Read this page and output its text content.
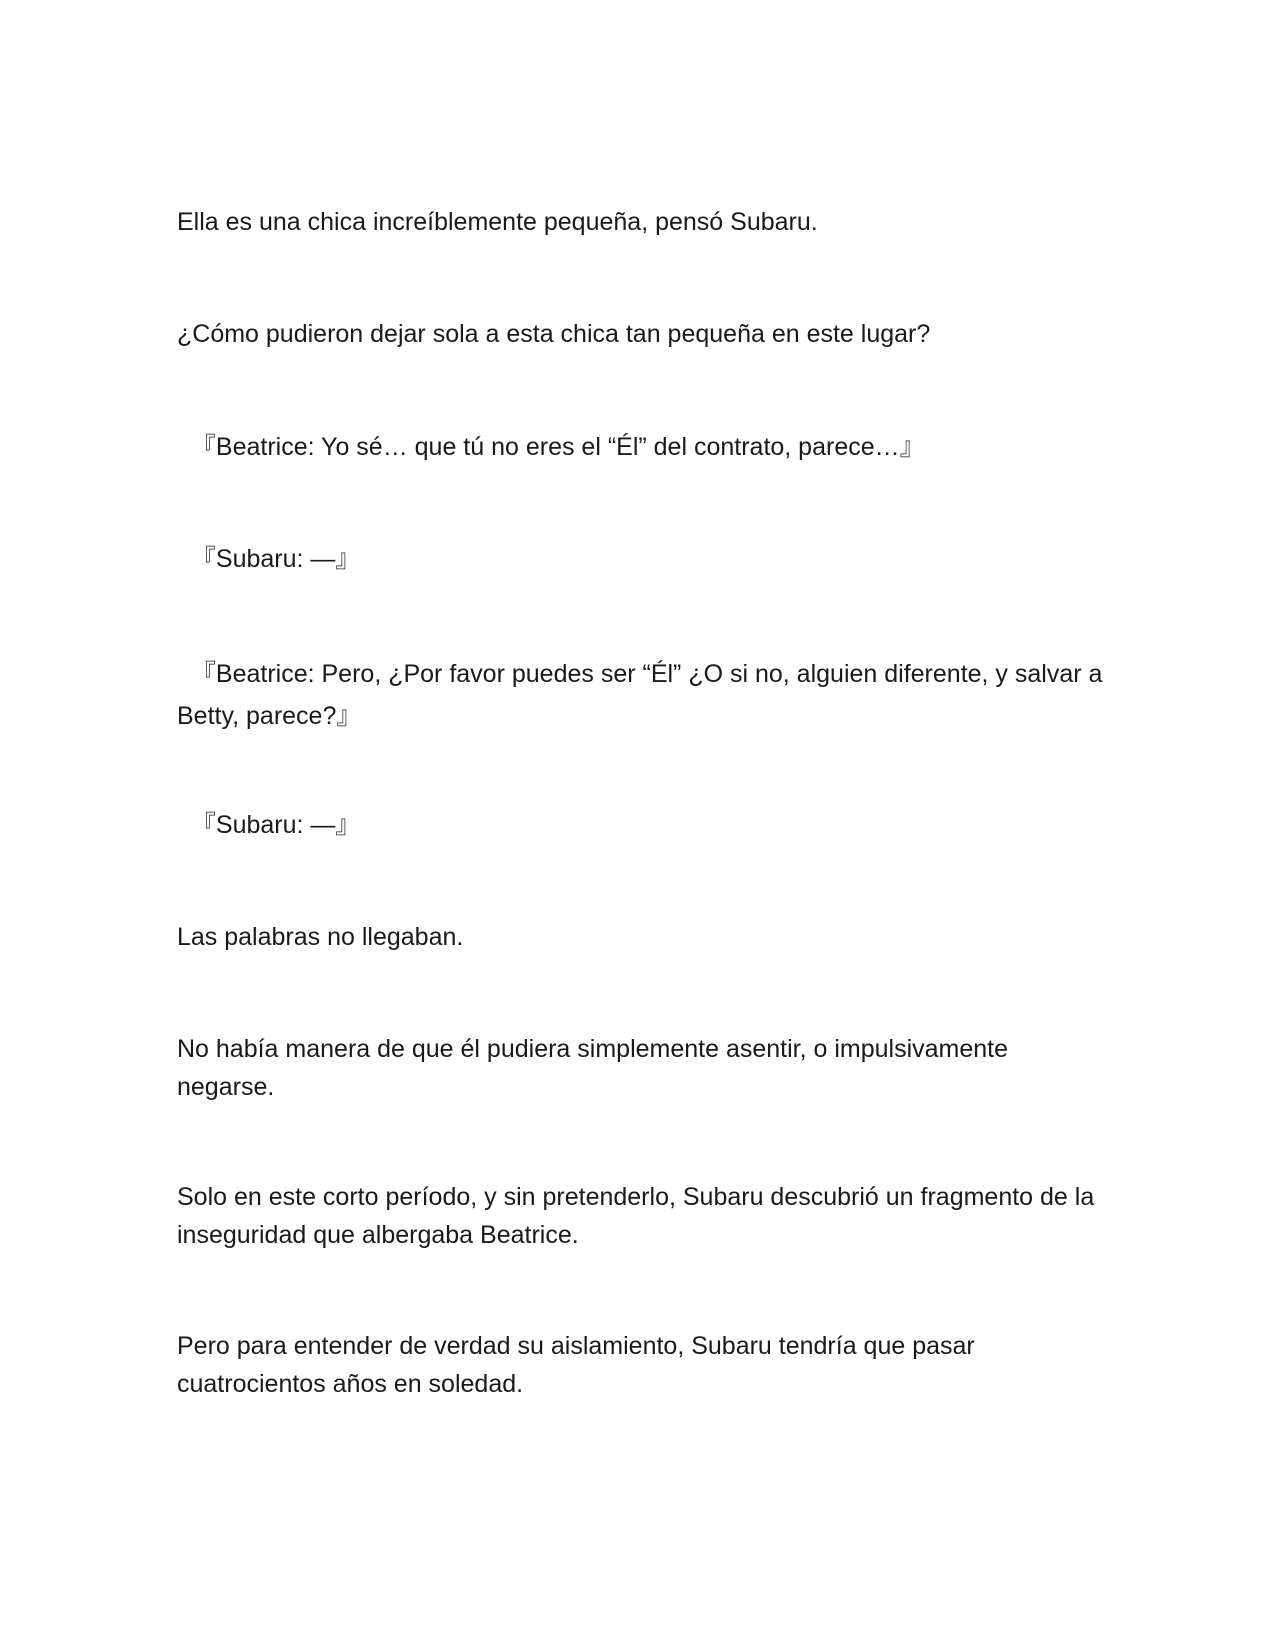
Ella es una chica increíblemente pequeña, pensó Subaru.

¿Cómo pudieron dejar sola a esta chica tan pequeña en este lugar?

『Beatrice: Yo sé… que tú no eres el “Él” del contrato, parece…』

『Subaru: —』

『Beatrice: Pero, ¿Por favor puedes ser “Él” ¿O si no, alguien diferente, y salvar a Betty, parece?』

『Subaru: —』

Las palabras no llegaban.

No había manera de que él pudiera simplemente asentir, o impulsivamente negarse.

Solo en este corto período, y sin pretenderlo, Subaru descubrió un fragmento de la inseguridad que albergaba Beatrice.

Pero para entender de verdad su aislamiento, Subaru tendría que pasar cuatrocientos años en soledad.
